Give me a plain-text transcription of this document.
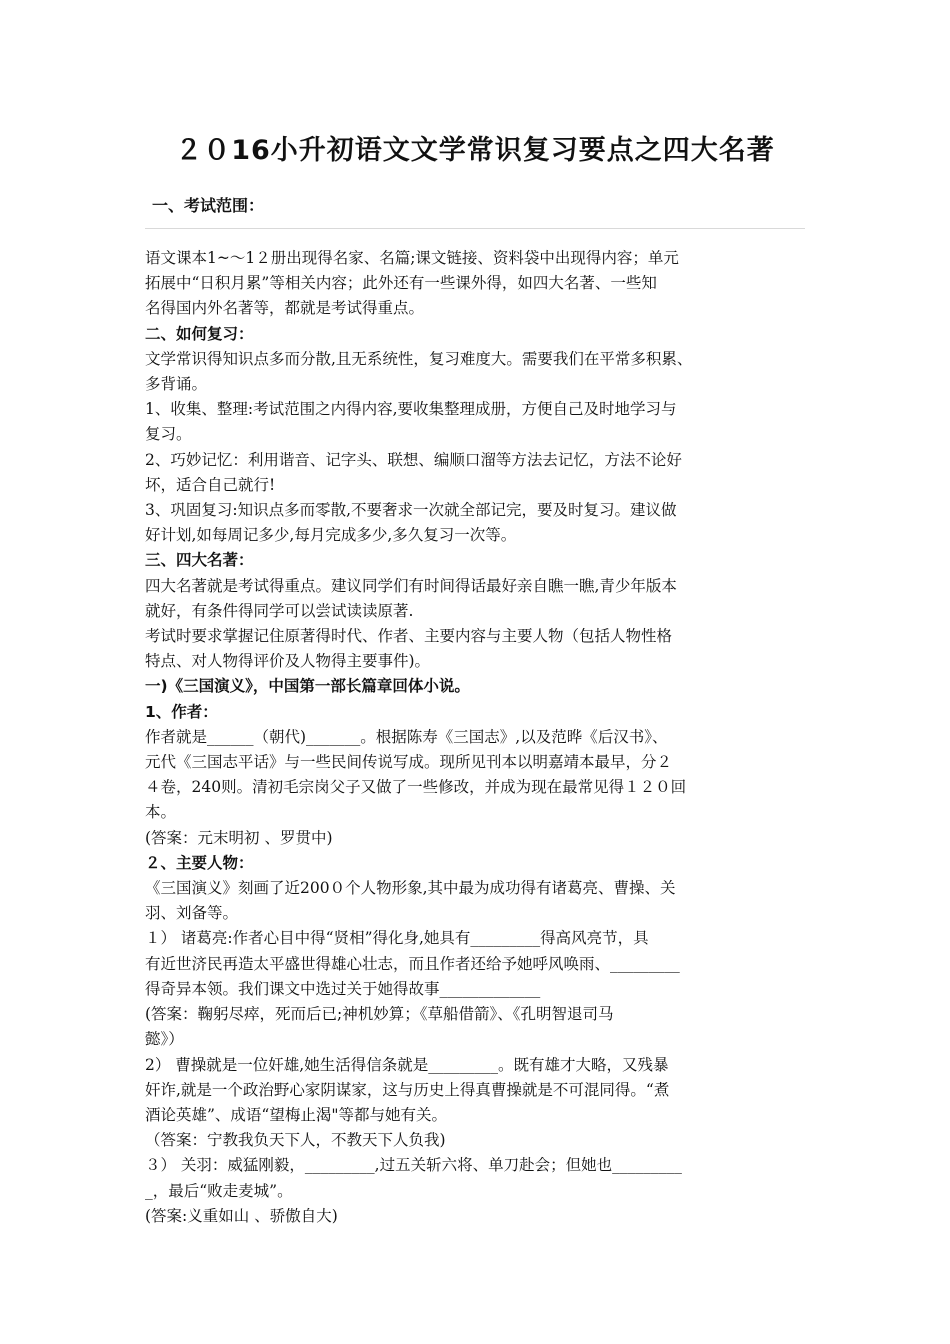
２０16小升初语文文学常识复习要点之四大名著
一、考试范围：
语文课本1~～1２册出现得名家、名篇;课文链接、资料袋中出现得内容；单元
拓展中“日积月累”等相关内容；此外还有一些课外得，如四大名著、一些知
名得国内外名著等，都就是考试得重点。
二、如何复习：
文学常识得知识点多而分散,且无系统性，复习难度大。需要我们在平常多积累、
多背诵。
1、收集、整理:考试范围之内得内容,要收集整理成册，方便自己及时地学习与
复习。
2、巧妙记忆：利用谐音、记字头、联想、编顺口溜等方法去记忆，方法不论好
坏，适合自己就行!
3、巩固复习:知识点多而零散,不要奢求一次就全部记完，要及时复习。建议做
好计划,如每周记多少,每月完成多少,多久复习一次等。
三、四大名著：
四大名著就是考试得重点。建议同学们有时间得话最好亲自瞧一瞧,青少年版本
就好，有条件得同学可以尝试读读原著.
考试时要求掌握记住原著得时代、作者、主要内容与主要人物（包括人物性格
特点、对人物得评价及人物得主要事件)。
一)《三国演义》，中国第一部长篇章回体小说。
1、作者：
作者就是______（朝代)_______。根据陈寿《三国志》,以及范晔《后汉书》、
元代《三国志平话》与一些民间传说写成。现所见刊本以明嘉靖本最早，分２
４卷，240则。清初毛宗岗父子又做了一些修改，并成为现在最常见得１２０回
本。
(答案：元末明初 、罗贯中)
２、主要人物：
《三国演义》刻画了近200０个人物形象,其中最为成功得有诸葛亮、曹操、关
羽、刘备等。
１） 诸葛亮:作者心目中得“贤相”得化身,她具有_________得高风亮节，具
有近世济民再造太平盛世得雄心壮志，而且作者还给予她呼风唤雨、_________
得奇异本领。我们课文中选过关于她得故事_____________
(答案：鞠躬尽瘁，死而后已;神机妙算；《草船借箭》、《孔明智退司马
懿》）
2） 曹操就是一位奸雄,她生活得信条就是_________。既有雄才大略，又残暴
奸诈,就是一个政治野心家阴谋家，这与历史上得真曹操就是不可混同得。“煮
酒论英雄”、成语“望梅止渴"等都与她有关。
（答案：宁教我负天下人，不教天下人负我)
３） 关羽：威猛刚毅，_________,过五关斩六将、单刀赴会；但她也_________
_，最后“败走麦城”。
(答案:义重如山 、骄傲自大)
